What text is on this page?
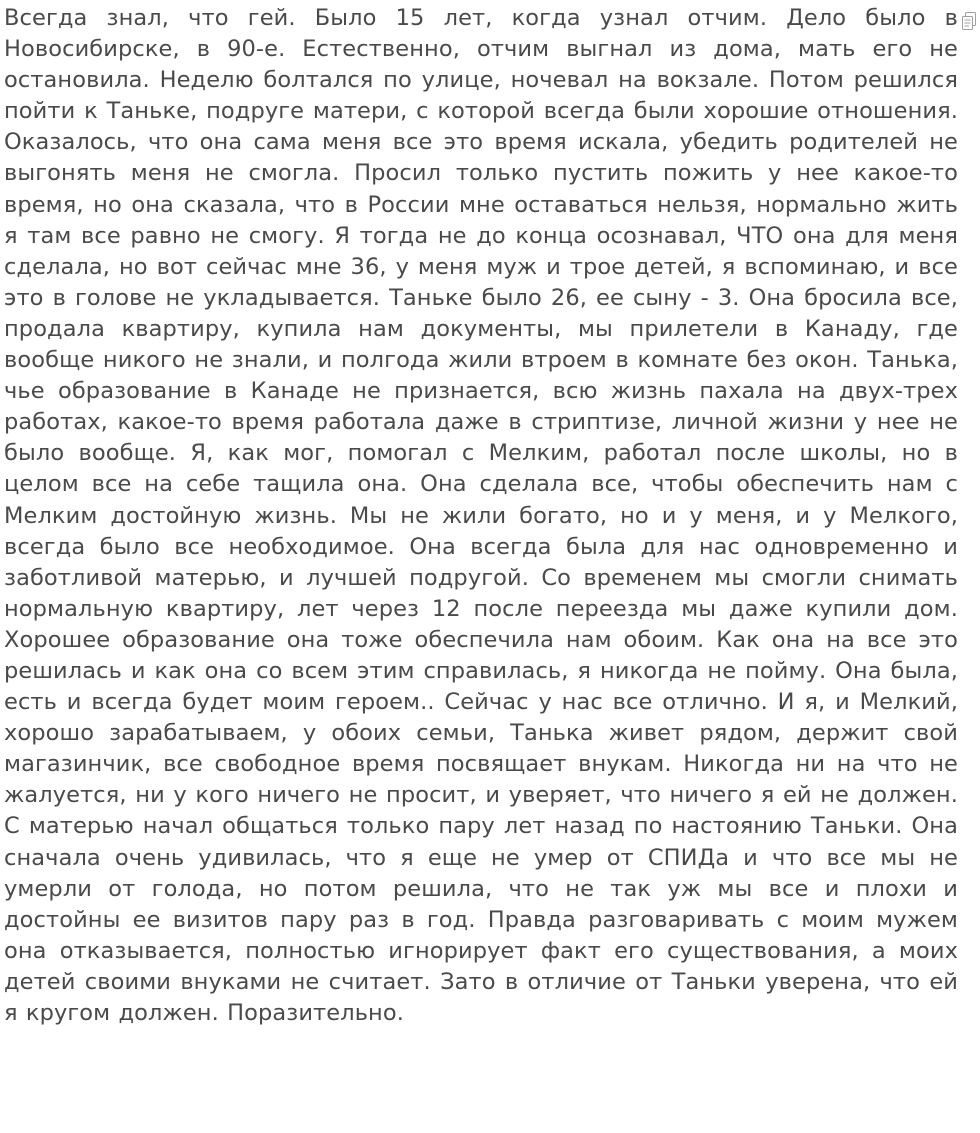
Всегда знал, что гей. Было 15 лет, когда узнал отчим. Дело было в Новосибирске, в 90-е. Естественно, отчим выгнал из дома, мать его не остановила. Неделю болтался по улице, ночевал на вокзале. Потом решился пойти к Таньке, подруге матери, с которой всегда были хорошие отношения. Оказалось, что она сама меня все это время искала, убедить родителей не выгонять меня не смогла. Просил только пустить пожить у нее какое-то время, но она сказала, что в России мне оставаться нельзя, нормально жить я там все равно не смогу. Я тогда не до конца осознавал, ЧТО она для меня сделала, но вот сейчас мне 36, у меня муж и трое детей, я вспоминаю, и все это в голове не укладывается. Таньке было 26, ее сыну - 3. Она бросила все, продала квартиру, купила нам документы, мы прилетели в Канаду, где вообще никого не знали, и полгода жили втроем в комнате без окон. Танька, чье образование в Канаде не признается, всю жизнь пахала на двух-трех работах, какое-то время работала даже в стриптизе, личной жизни у нее не было вообще. Я, как мог, помогал с Мелким, работал после школы, но в целом все на себе тащила она. Она сделала все, чтобы обеспечить нам с Мелким достойную жизнь. Мы не жили богато, но и у меня, и у Мелкого, всегда было все необходимое. Она всегда была для нас одновременно и заботливой матерью, и лучшей подругой. Со временем мы смогли снимать нормальную квартиру, лет через 12 после переезда мы даже купили дом. Хорошее образование она тоже обеспечила нам обоим. Как она на все это решилась и как она со всем этим справилась, я никогда не пойму. Она была, есть и всегда будет моим героем.. Сейчас у нас все отлично. И я, и Мелкий, хорошо зарабатываем, у обоих семьи, Танька живет рядом, держит свой магазинчик, все свободное время посвящает внукам. Никогда ни на что не жалуется, ни у кого ничего не просит, и уверяет, что ничего я ей не должен. С матерью начал общаться только пару лет назад по настоянию Таньки. Она сначала очень удивилась, что я еще не умер от СПИДа и что все мы не умерли от голода, но потом решила, что не так уж мы все и плохи и достойны ее визитов пару раз в год. Правда разговаривать с моим мужем она отказывается, полностью игнорирует факт его существования, а моих детей своими внуками не считает. Зато в отличие от Таньки уверена, что ей я кругом должен. Поразительно.
